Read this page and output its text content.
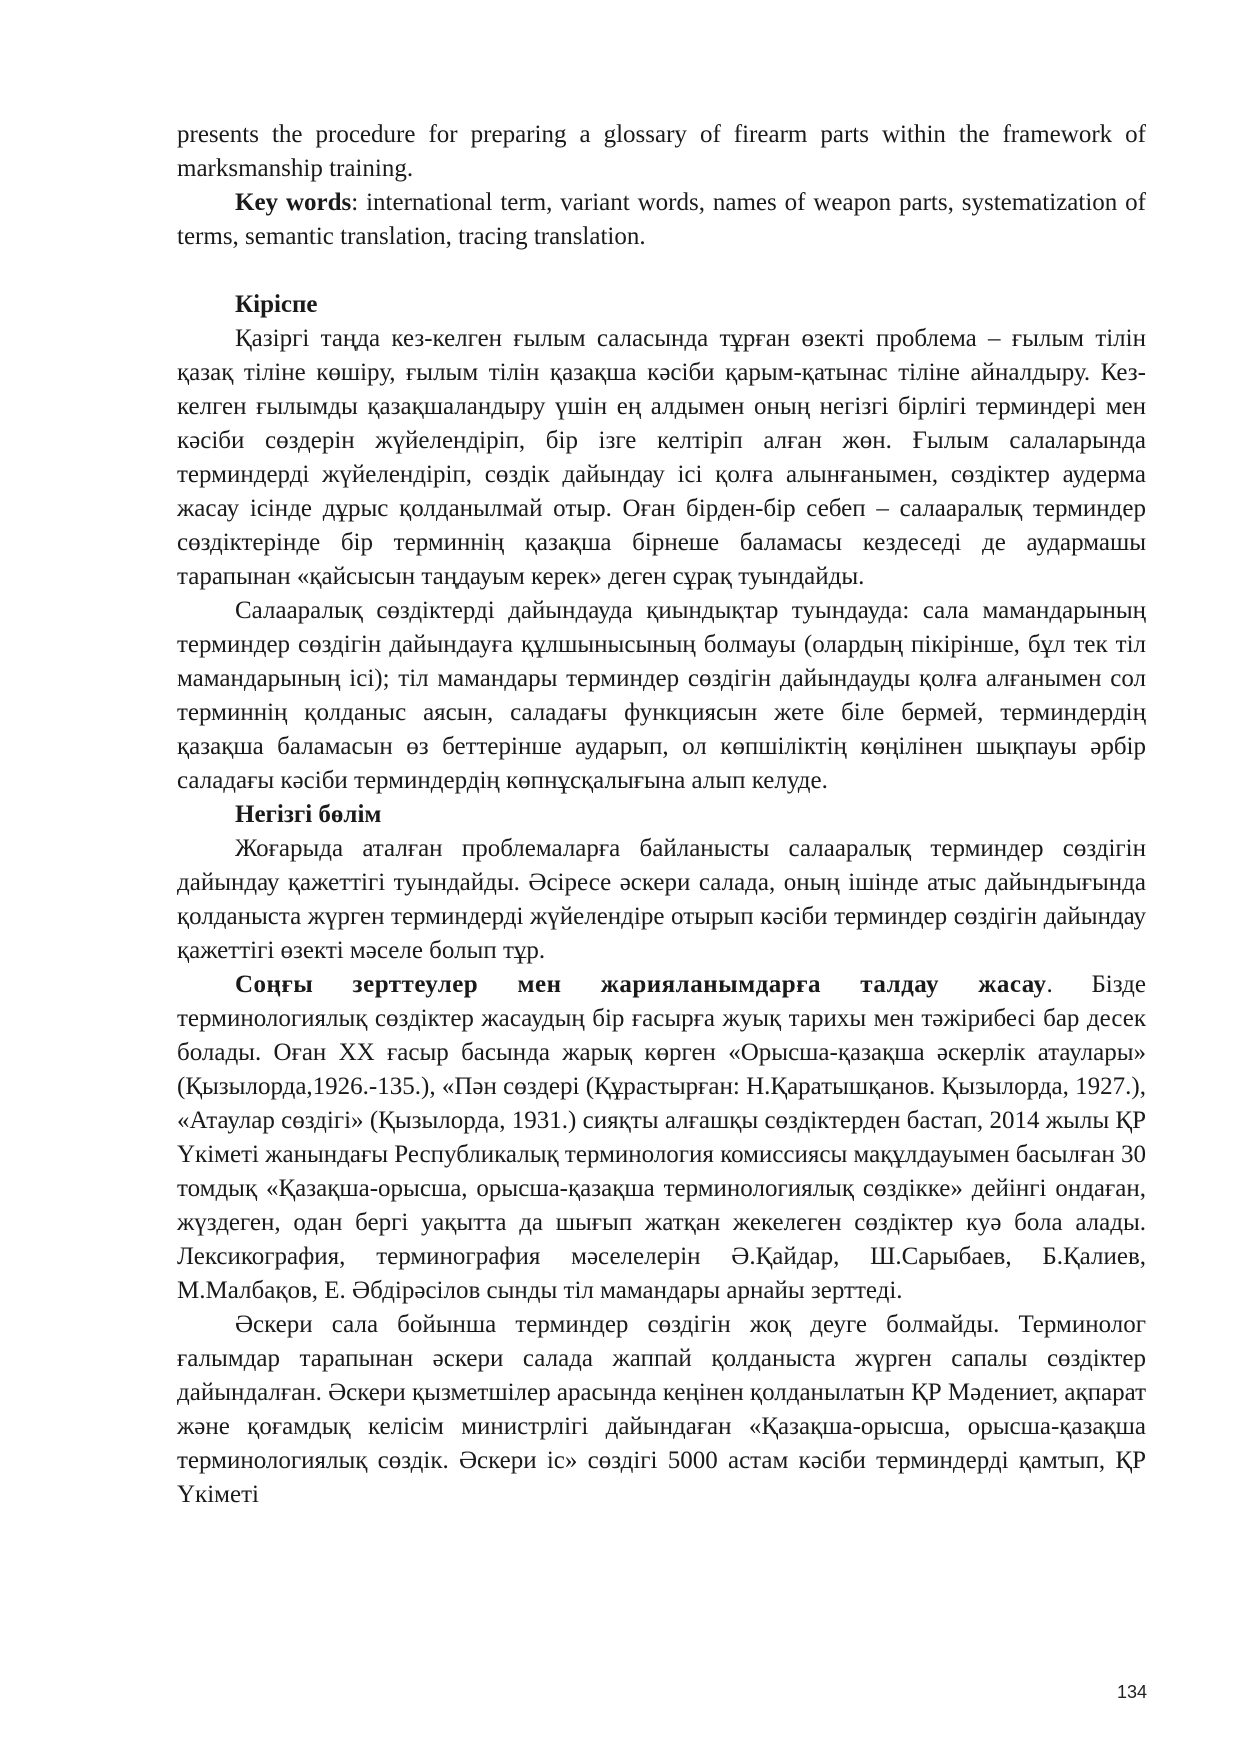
presents the procedure for preparing a glossary of firearm parts within the framework of marksmanship training.

Key words: international term, variant words, names of weapon parts, systematization of terms, semantic translation, tracing translation.

Кіріспе

Қазіргі таңда кез-келген ғылым саласында тұрған өзекті проблема – ғылым тілін қазақ тіліне көшіру, ғылым тілін қазақша кәсіби қарым-қатынас тіліне айналдыру. Кез-келген ғылымды қазақшаландыру үшін ең алдымен оның негізгі бірлігі терминдері мен кәсіби сөздерін жүйелендіріп, бір ізге келтіріп алған жөн. Ғылым салаларында терминдерді жүйелендіріп, сөздік дайындау ісі қолға алынғанымен, сөздіктер аудерма жасау ісінде дұрыс қолданылмай отыр. Оған бірден-бір себеп – салааралық терминдер сөздіктерінде бір терминнің қазақша бірнеше баламасы кездеседі де аудармашы тарапынан «қайсысын таңдауым керек» деген сұрақ туындайды.

Салааралық сөздіктерді дайындауда қиындықтар туындауда: сала мамандарының терминдер сөздігін дайындауға құлшынысының болмауы (олардың пікірінше, бұл тек тіл мамандарының ісі); тіл мамандары терминдер сөздігін дайындауды қолға алғанымен сол терминнің қолданыс аясын, саладағы функциясын жете біле бермей, терминдердің қазақша баламасын өз беттерінше аударып, ол көпшіліктің көңілінен шықпауы әрбір саладағы кәсіби терминдердің көпнұсқалығына алып келуде.

Негізгі бөлім

Жоғарыда аталған проблемаларға байланысты салааралық терминдер сөздігін дайындау қажеттігі туындайды. Әсіресе әскери салада, оның ішінде атыс дайындығында қолданыста жүрген терминдерді жүйелендіре отырып кәсіби терминдер сөздігін дайындау қажеттігі өзекті мәселе болып тұр.

Соңғы зерттеулер мен жарияланымдарға талдау жасау. Бізде терминологиялық сөздіктер жасаудың бір ғасырға жуық тарихы мен тәжірибесі бар десек болады. Оған ХХ ғасыр басында жарық көрген «Орысша-қазақша әскерлік атаулары» (Қызылорда,1926.-135.), «Пән сөздері (Құрастырған: Н.Қаратышқанов. Қызылорда, 1927.), «Атаулар сөздігі» (Қызылорда, 1931.) сияқты алғашқы сөздіктерден бастап, 2014 жылы ҚР Үкіметі жанындағы Республикалық терминология комиссиясы мақұлдауымен басылған 30 томдық «Қазақша-орысша, орысша-қазақша терминологиялық сөздікке» дейінгі ондаған, жүздеген, одан бергі уақытта да шығып жатқан жекелеген сөздіктер куә бола алады. Лексикография, терминография мәселелерін Ә.Қайдар, Ш.Сарыбаев, Б.Қалиев, М.Малбақов, Е. Әбдірәсілов сынды тіл мамандары арнайы зерттеді.

Әскери сала бойынша терминдер сөздігін жоқ деуге болмайды. Терминолог ғалымдар тарапынан әскери салада жаппай қолданыста жүрген сапалы сөздіктер дайындалған. Әскери қызметшілер арасында кеңінен қолданылатын ҚР Мәдениет, ақпарат және қоғамдық келісім министрлігі дайындаған «Қазақша-орысша, орысша-қазақша терминологиялық сөздік. Әскери іс» сөздігі 5000 астам кәсіби терминдерді қамтып, ҚР Үкіметі

134
